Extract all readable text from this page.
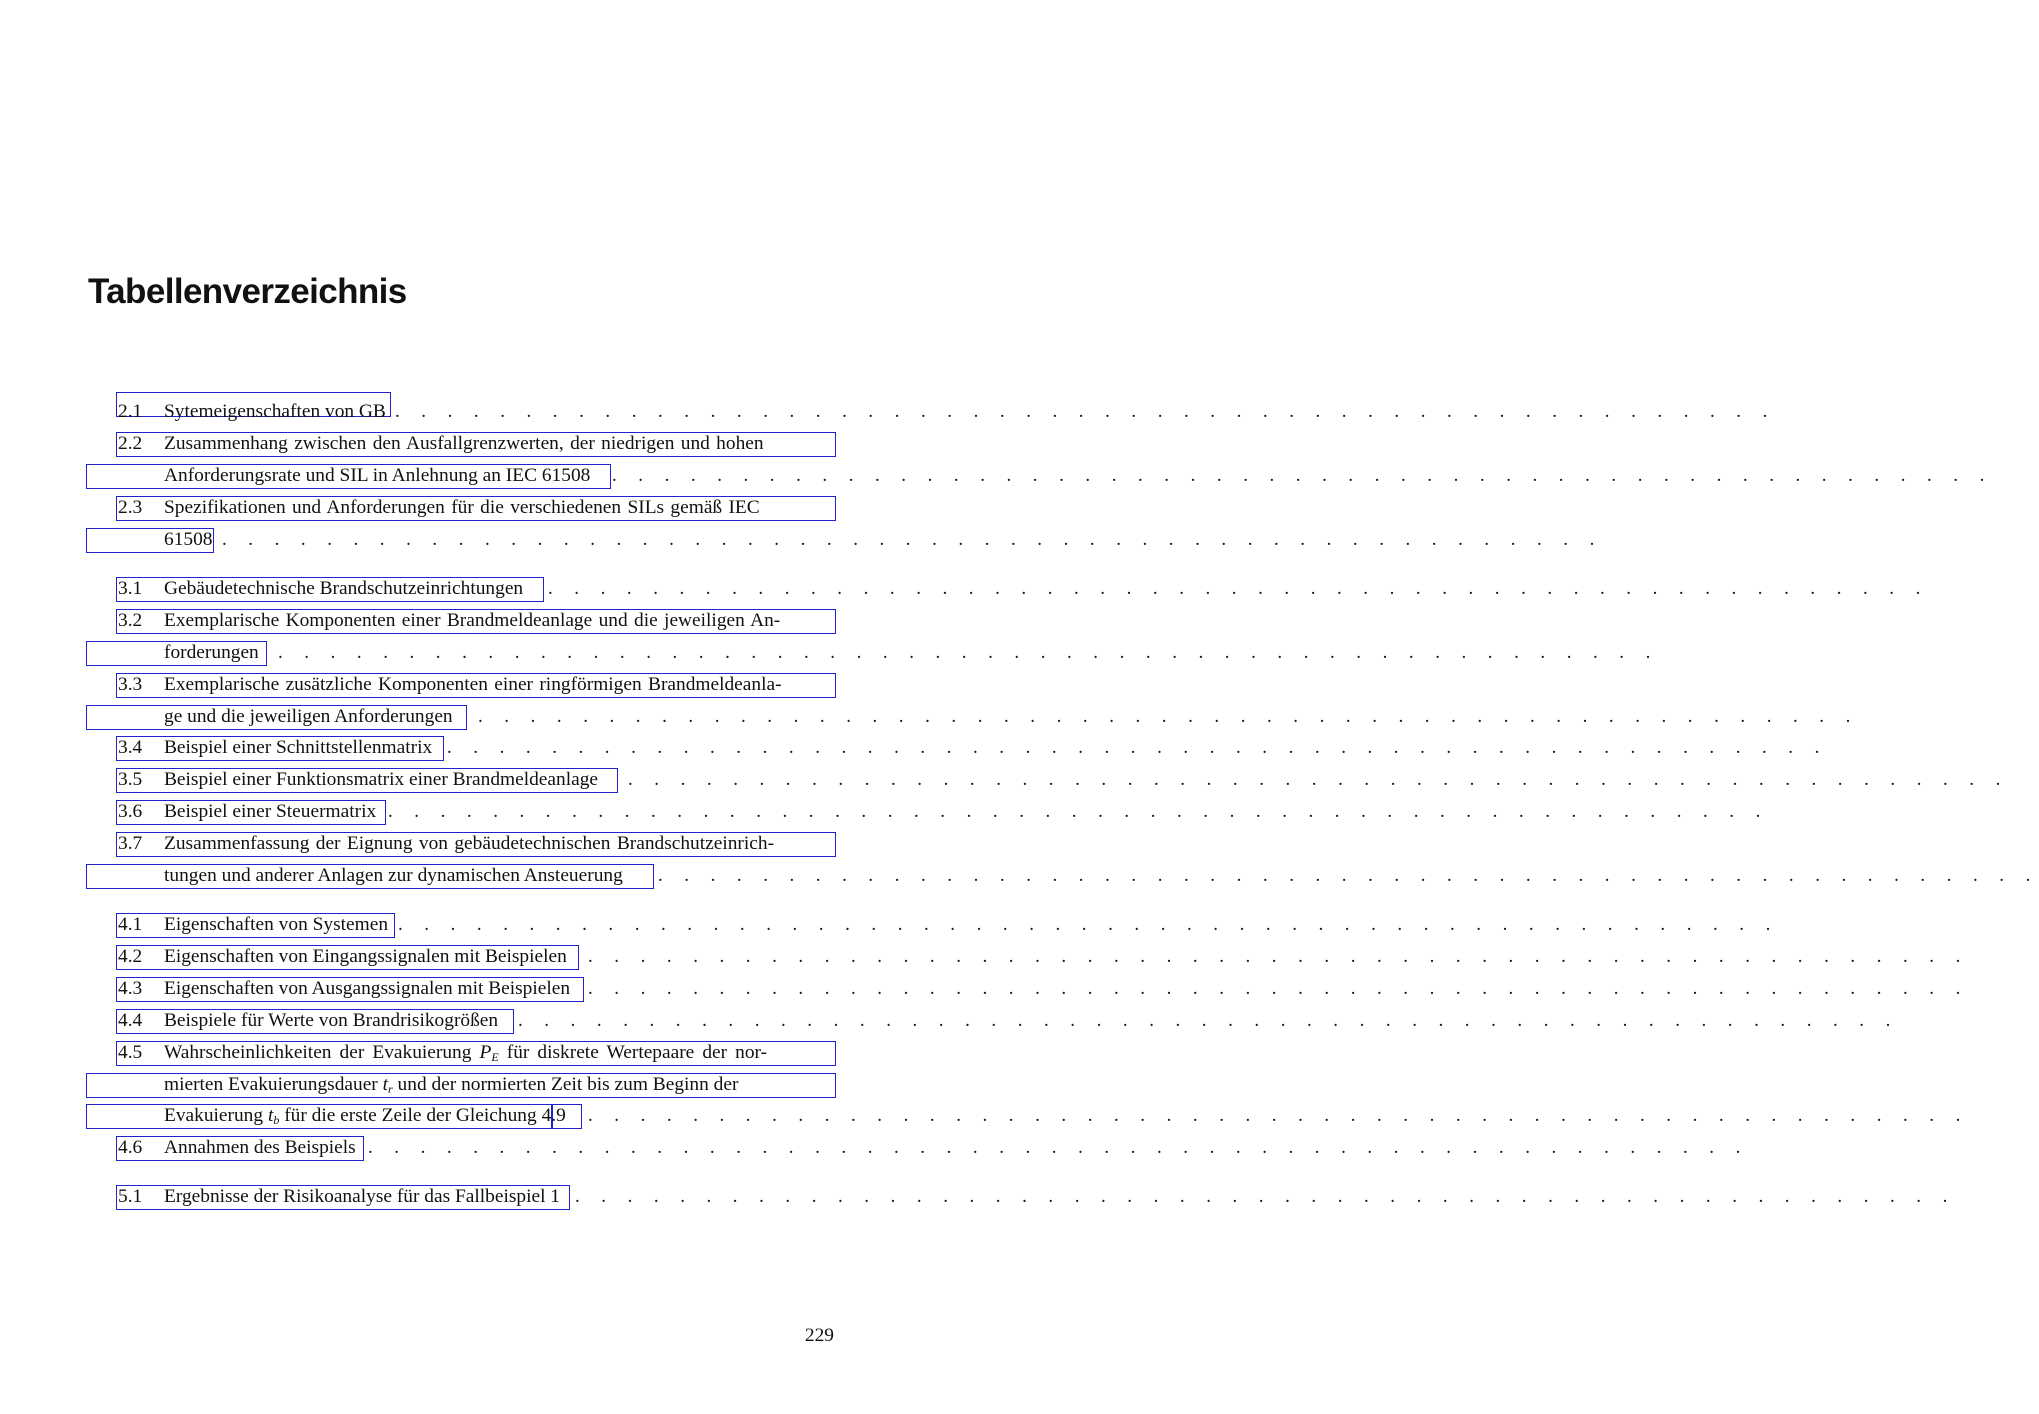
Tabellenverzeichnis
2.1 Sytemeigenschaften von GB . . . . . . . . . . . . . . . . . . . . . . . . . . . . . . . . . . . . . . . . . . . . . . . . . . . . .
2.2 Zusammenhang zwischen den Ausfallgrenzwerten, der niedrigen und hohen
Anforderungsrate und SIL in Anlehnung an IEC 61508 . . . . . . . . . . . . . . . . . . . . . . . . . . . . . . . . . . . . . . . . . . . . . . . . . . . . .
2.3 Spezifikationen und Anforderungen für die verschiedenen SILs gemäß IEC
61508 . . . . . . . . . . . . . . . . . . . . . . . . . . . . . . . . . . . . . . . . . . . . . . . . . . . . .
3.1 Gebäudetechnische Brandschutzeinrichtungen . . . . . . . . . . . . . . . . . . . . . . . . . . . . . . . . . . . . . . . . . . . . . . . . . . . . .
3.2 Exemplarische Komponenten einer Brandmeldeanlage und die jeweiligen An-
forderungen . . . . . . . . . . . . . . . . . . . . . . . . . . . . . . . . . . . . . . . . . . . . . . . . . . . . .
3.3 Exemplarische zusätzliche Komponenten einer ringförmigen Brandmeldeanla-
ge und die jeweiligen Anforderungen . . . . . . . . . . . . . . . . . . . . . . . . . . . . . . . . . . . . . . . . . . . . . . . . . . . . .
3.4 Beispiel einer Schnittstellenmatrix . . . . . . . . . . . . . . . . . . . . . . . . . . . . . . . . . . . . . . . . . . . . . . . . . . . . .
3.5 Beispiel einer Funktionsmatrix einer Brandmeldeanlage . . . . . . . . . . . . . . . . . . . . . . . . . . . . . . . . . . . . . . . . . . . . . . . . . . . . .
3.6 Beispiel einer Steuermatrix . . . . . . . . . . . . . . . . . . . . . . . . . . . . . . . . . . . . . . . . . . . . . . . . . . . . .
3.7 Zusammenfassung der Eignung von gebäudetechnischen Brandschutzeinrich-
tungen und anderer Anlagen zur dynamischen Ansteuerung . . . . . . . . . . . . . . . . . . . . . . . . . . . . . . . . . . . . . . . . . . . . . . . . . . . . .
4.1 Eigenschaften von Systemen . . . . . . . . . . . . . . . . . . . . . . . . . . . . . . . . . . . . . . . . . . . . . . . . . . . . .
4.2 Eigenschaften von Eingangssignalen mit Beispielen . . . . . . . . . . . . . . . . . . . . . . . . . . . . . . . . . . . . . . . . . . . . . . . . . . . . .
4.3 Eigenschaften von Ausgangssignalen mit Beispielen . . . . . . . . . . . . . . . . . . . . . . . . . . . . . . . . . . . . . . . . . . . . . . . . . . . . .
4.4 Beispiele für Werte von Brandrisikogrößen . . . . . . . . . . . . . . . . . . . . . . . . . . . . . . . . . . . . . . . . . . . . . . . . . . . . .
4.5 Wahrscheinlichkeiten der Evakuierung $P_E$ für diskrete Wertepaare der nor-
mierten Evakuierungsdauer $t_r$ und der normierten Zeit bis zum Beginn der
Evakuierung $t_b$ für die erste Zeile der Gleichung 4.9 . . . . . . . . . . . . . . . . . . . . . . . . . . . . . . . . . . . . . . . . . . . . . . . . . . . . .
4.6 Annahmen des Beispiels . . . . . . . . . . . . . . . . . . . . . . . . . . . . . . . . . . . . . . . . . . . . . . . . . . . . .
5.1 Ergebnisse der Risikoanalyse für das Fallbeispiel 1 . . . . . . . . . . . . . . . . . . . . . . . . . . . . . . . . . . . . . . . . . . . . . . . . . . . . .
229
